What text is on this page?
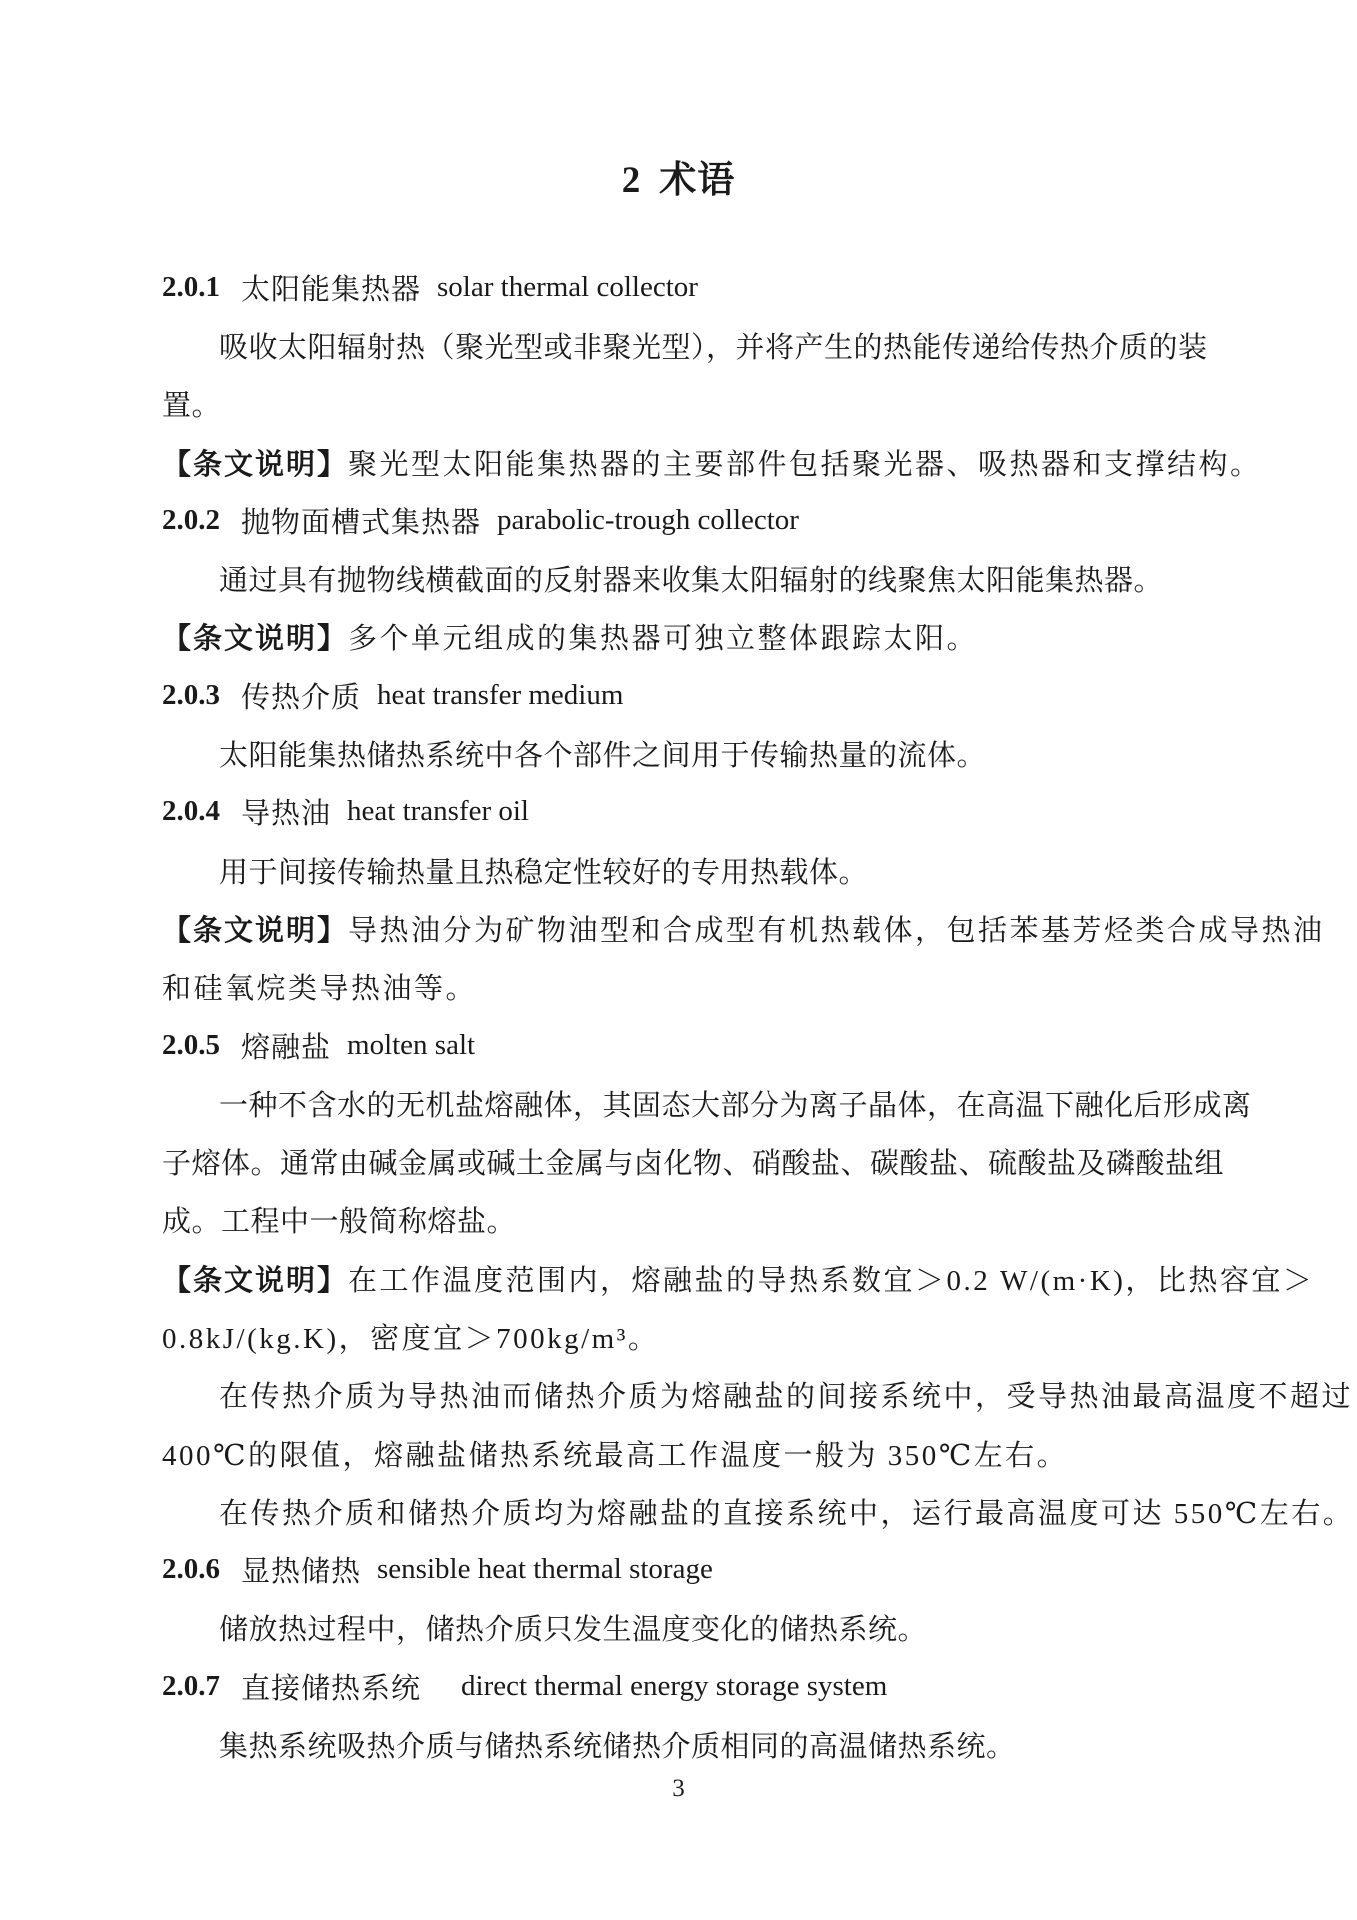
2 术语
2.0.1 太阳能集热器 solar thermal collector
吸收太阳辐射热（聚光型或非聚光型），并将产生的热能传递给传热介质的装
置。
【条文说明】 聚光型太阳能集热器的主要部件包括聚光器、吸热器和支撑结构。
2.0.2 抛物面槽式集热器 parabolic-trough collector
通过具有抛物线横截面的反射器来收集太阳辐射的线聚焦太阳能集热器。
【条文说明】 多个单元组成的集热器可独立整体跟踪太阳。
2.0.3 传热介质 heat transfer medium
太阳能集热储热系统中各个部件之间用于传输热量的流体。
2.0.4 导热油 heat transfer oil
用于间接传输热量且热稳定性较好的专用热载体。
【条文说明】 导热油分为矿物油型和合成型有机热载体，包括苯基芳烃类合成导热油
和硅氧烷类导热油等。
2.0.5 熔融盐 molten salt
一种不含水的无机盐熔融体，其固态大部分为离子晶体，在高温下融化后形成离
子熔体。通常由碱金属或碱土金属与卤化物、硝酸盐、碳酸盐、硫酸盐及磷酸盐组
成。工程中一般简称熔盐。
【条文说明】 在工作温度范围内，熔融盐的导热系数宜＞0.2 W/(m·K)，比热容宜＞
0.8kJ/(kg.K)，密度宜＞700kg/m³。
在传热介质为导热油而储热介质为熔融盐的间接系统中，受导热油最高温度不超过
400℃的限值，熔融盐储热系统最高工作温度一般为 350℃左右。
在传热介质和储热介质均为熔融盐的直接系统中，运行最高温度可达 550℃左右。
2.0.6 显热储热 sensible heat thermal storage
储放热过程中，储热介质只发生温度变化的储热系统。
2.0.7 直接储热系统 direct thermal energy storage system
集热系统吸热介质与储热系统储热介质相同的高温储热系统。
3
